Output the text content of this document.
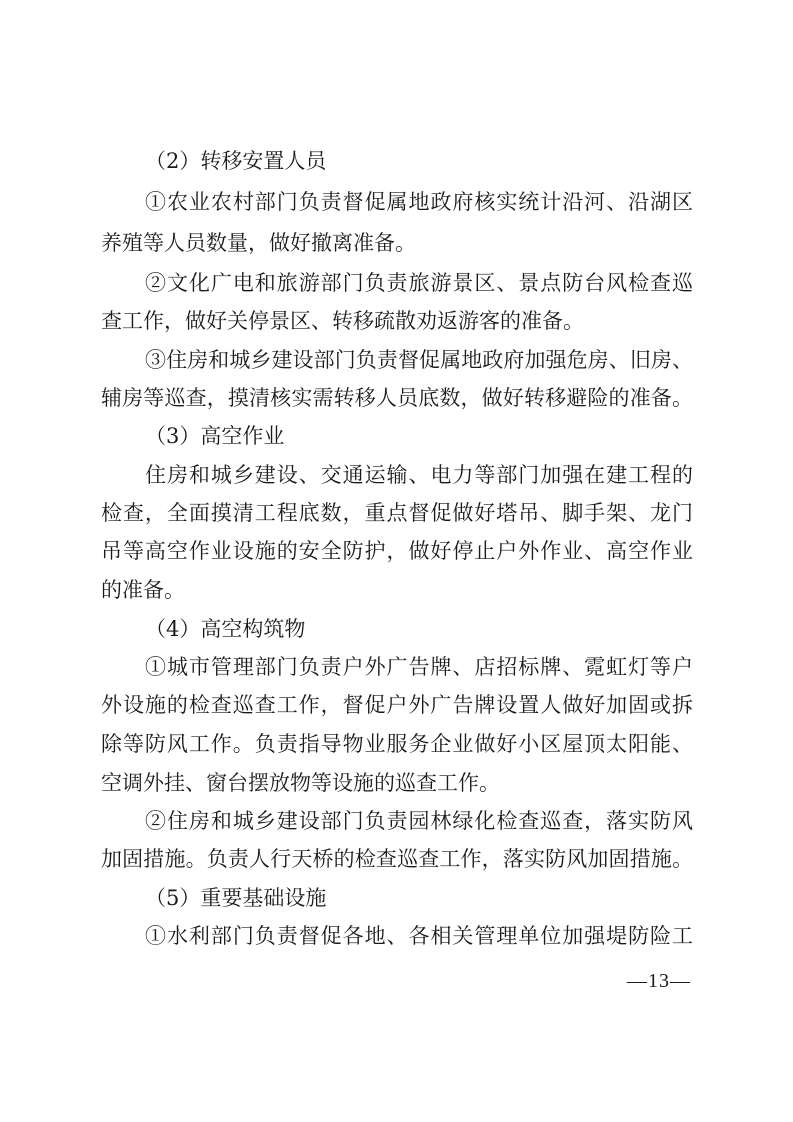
（2）转移安置人员
①农业农村部门负责督促属地政府核实统计沿河、沿湖区
养殖等人员数量，做好撤离准备。
②文化广电和旅游部门负责旅游景区、景点防台风检查巡
查工作，做好关停景区、转移疏散劝返游客的准备。
③住房和城乡建设部门负责督促属地政府加强危房、旧房、
辅房等巡查，摸清核实需转移人员底数，做好转移避险的准备。
（3）高空作业
住房和城乡建设、交通运输、电力等部门加强在建工程的
检查，全面摸清工程底数，重点督促做好塔吊、脚手架、龙门
吊等高空作业设施的安全防护，做好停止户外作业、高空作业
的准备。
（4）高空构筑物
①城市管理部门负责户外广告牌、店招标牌、霓虹灯等户
外设施的检查巡查工作，督促户外广告牌设置人做好加固或拆
除等防风工作。负责指导物业服务企业做好小区屋顶太阳能、
空调外挂、窗台摆放物等设施的巡查工作。
②住房和城乡建设部门负责园林绿化检查巡查，落实防风
加固措施。负责人行天桥的检查巡查工作，落实防风加固措施。
（5）重要基础设施
①水利部门负责督促各地、各相关管理单位加强堤防险工
—13—
